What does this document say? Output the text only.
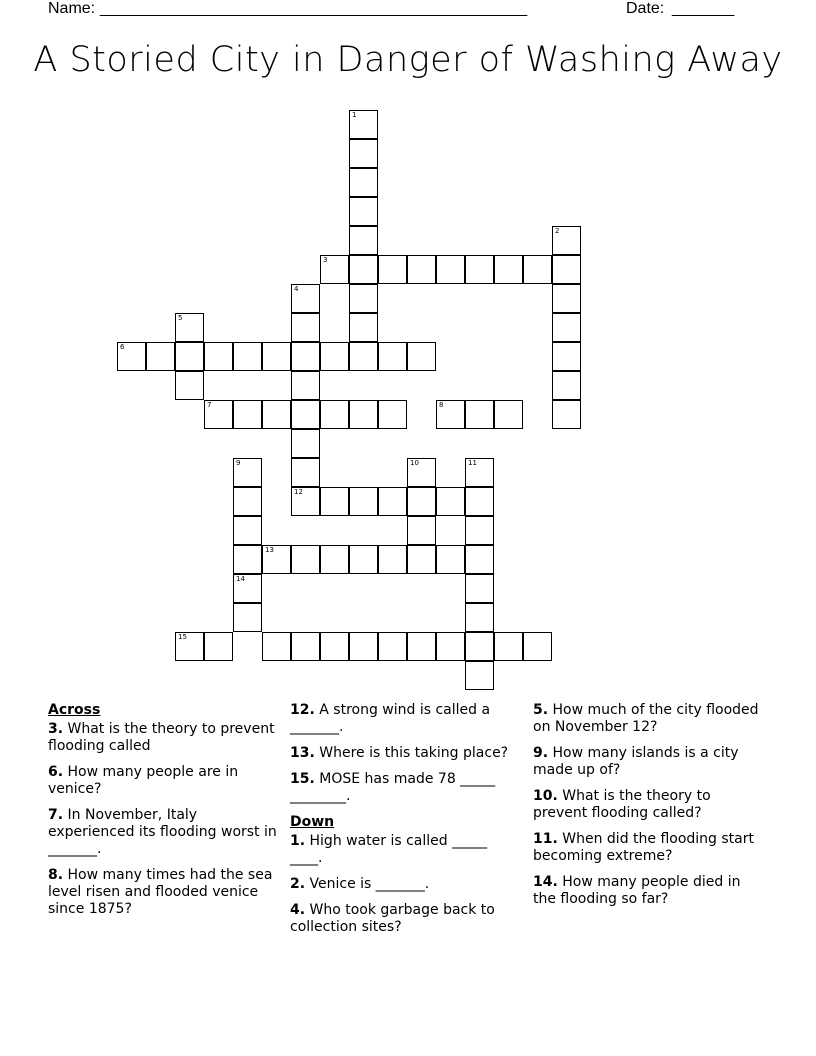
Name: ________________________________________________	Date: _______
A Storied City in Danger of Washing Away
1
2
3
4
12
5
6
7	8
9
14
10	11
13
15
Across
3. What is the theory to prevent flooding called
6. How many people are in venice?
7. In November, Italy experienced its flooding worst in _______.
8. How many times had the sea level risen and flooded venice since 1875?
12. A strong wind is called a _______.
13. Where is this taking place?
15. MOSE has made 78 _____ ________.
Down
1. High water is called _____ ____.
2. Venice is _______.
4. Who took garbage back to collection sites?
5. How much of the city flooded on November 12?
9. How many islands is a city made up of?
10. What is the theory to prevent flooding called?
11. When did the flooding start becoming extreme?
14. How many people died in the flooding so far?
